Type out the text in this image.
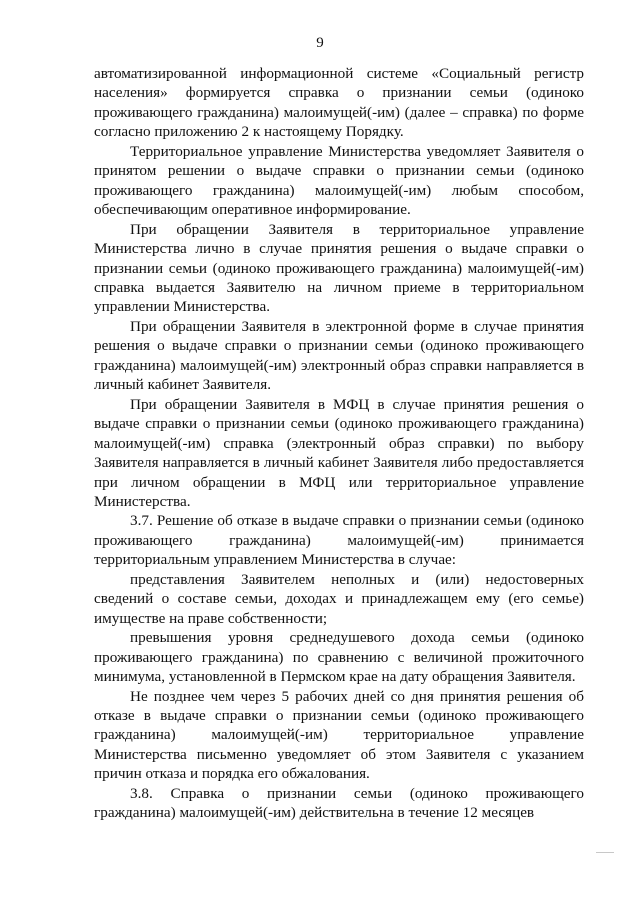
9

автоматизированной информационной системе «Социальный регистр населения» формируется справка о признании семьи (одиноко проживающего гражданина) малоимущей(-им) (далее – справка) по форме согласно приложению 2 к настоящему Порядку.

Территориальное управление Министерства уведомляет Заявителя о принятом решении о выдаче справки о признании семьи (одиноко проживающего гражданина) малоимущей(-им) любым способом, обеспечивающим оперативное информирование.

При обращении Заявителя в территориальное управление Министерства лично в случае принятия решения о выдаче справки о признании семьи (одиноко проживающего гражданина) малоимущей(-им) справка выдается Заявителю на личном приеме в территориальном управлении Министерства.

При обращении Заявителя в электронной форме в случае принятия решения о выдаче справки о признании семьи (одиноко проживающего гражданина) малоимущей(-им) электронный образ справки направляется в личный кабинет Заявителя.

При обращении Заявителя в МФЦ в случае принятия решения о выдаче справки о признании семьи (одиноко проживающего гражданина) малоимущей(-им) справка (электронный образ справки) по выбору Заявителя направляется в личный кабинет Заявителя либо предоставляется при личном обращении в МФЦ или территориальное управление Министерства.

3.7. Решение об отказе в выдаче справки о признании семьи (одиноко проживающего гражданина) малоимущей(-им) принимается территориальным управлением Министерства в случае:

представления Заявителем неполных и (или) недостоверных сведений о составе семьи, доходах и принадлежащем ему (его семье) имуществе на праве собственности;

превышения уровня среднедушевого дохода семьи (одиноко проживающего гражданина) по сравнению с величиной прожиточного минимума, установленной в Пермском крае на дату обращения Заявителя.

Не позднее чем через 5 рабочих дней со дня принятия решения об отказе в выдаче справки о признании семьи (одиноко проживающего гражданина) малоимущей(-им) территориальное управление Министерства письменно уведомляет об этом Заявителя с указанием причин отказа и порядка его обжалования.

3.8. Справка о признании семьи (одиноко проживающего гражданина) малоимущей(-им) действительна в течение 12 месяцев
